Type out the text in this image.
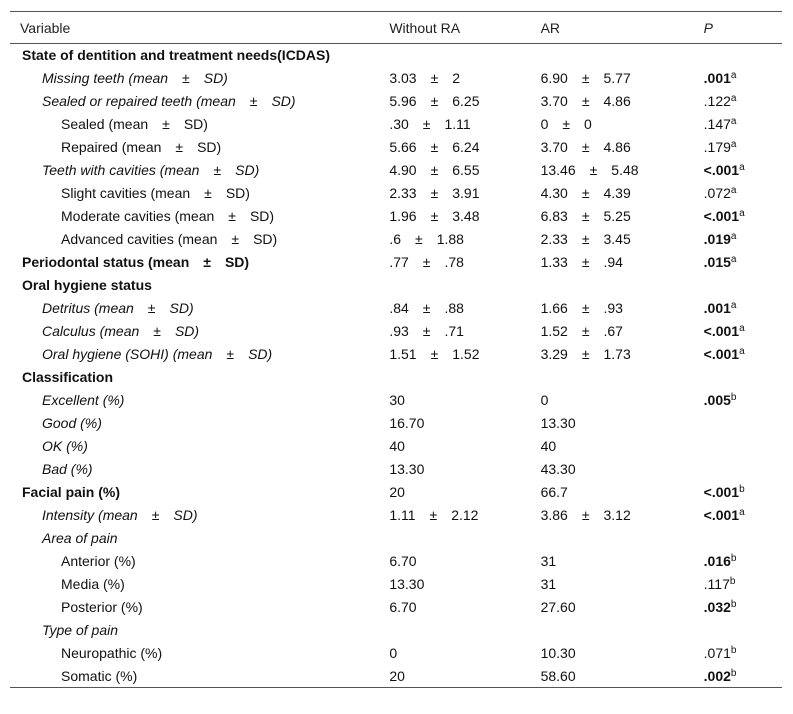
Variable	Without RA	AR	P
State of dentition and treatment needs(ICDAS)			
Missing teeth (mean ± SD)	3.03 ± 2	6.90 ± 5.77	.001$^a$
Sealed or repaired teeth (mean ± SD)	5.96 ± 6.25	3.70 ± 4.86	.122$^a$
Sealed (mean ± SD)	.30 ± 1.11	0 ± 0	.147$^a$
Repaired (mean ± SD)	5.66 ± 6.24	3.70 ± 4.86	.179$^a$
Teeth with cavities (mean ± SD)	4.90 ± 6.55	13.46 ± 5.48	<.001$^a$
Slight cavities (mean ± SD)	2.33 ± 3.91	4.30 ± 4.39	.072$^a$
Moderate cavities (mean ± SD)	1.96 ± 3.48	6.83 ± 5.25	<.001$^a$
Advanced cavities (mean ± SD)	.6 ± 1.88	2.33 ± 3.45	.019$^a$
Periodontal status (mean ± SD)	.77 ± .78	1.33 ± .94	.015$^a$
Oral hygiene status			
Detritus (mean ± SD)	.84 ± .88	1.66 ± .93	.001$^a$
Calculus (mean ± SD)	.93 ± .71	1.52 ± .67	<.001$^a$
Oral hygiene (SOHI) (mean ± SD)	1.51 ± 1.52	3.29 ± 1.73	<.001$^a$
Classification			
Excellent (%)	30	0	.005$^b$
Good (%)	16.70	13.30	
OK (%)	40	40	
Bad (%)	13.30	43.30	
Facial pain (%)	20	66.7	<.001$^b$
Intensity (mean ± SD)	1.11 ± 2.12	3.86 ± 3.12	<.001$^a$
Area of pain			
Anterior (%)	6.70	31	.016$^b$
Media (%)	13.30	31	.117$^b$
Posterior (%)	6.70	27.60	.032$^b$
Type of pain			
Neuropathic (%)	0	10.30	.071$^b$
Somatic (%)	20	58.60	.002$^b$
